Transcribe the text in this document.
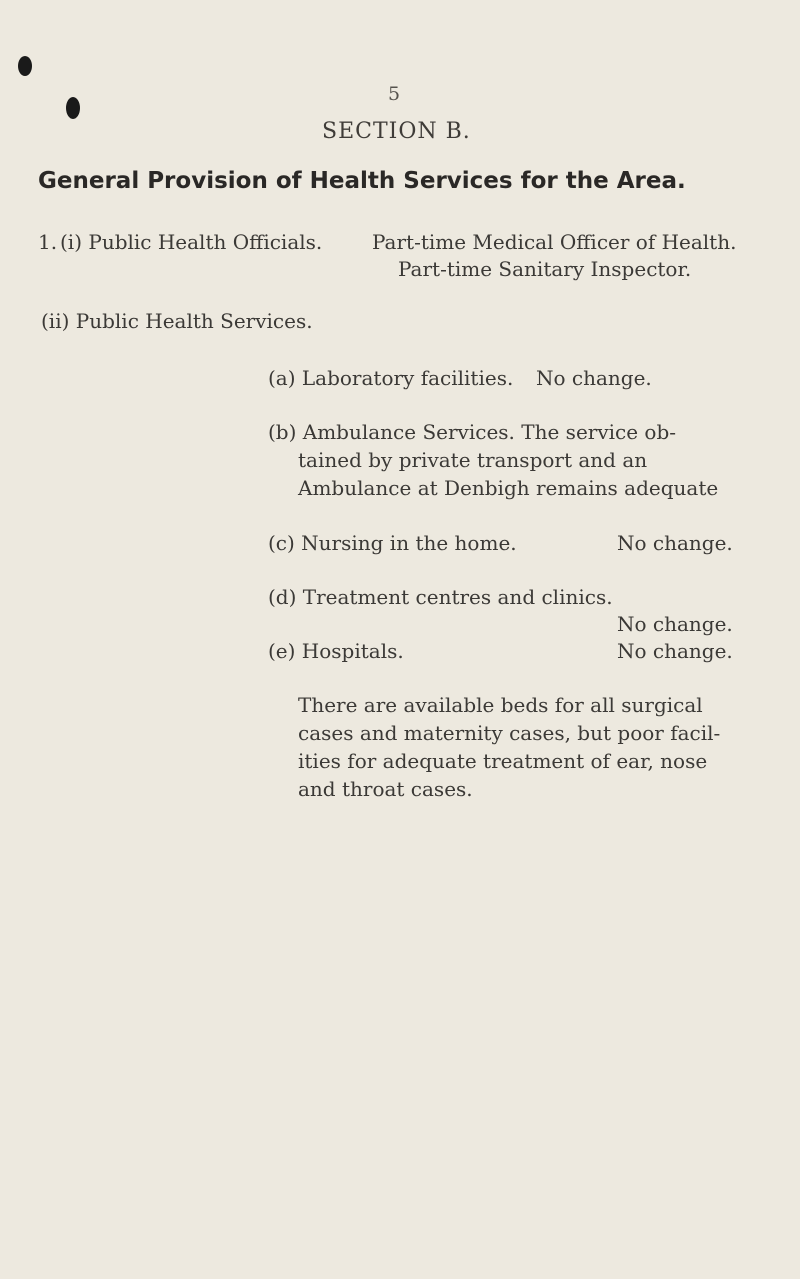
5
SECTION B.
General Provision of Health Services for the Area.
1. (i) Public Health Officials. Part-time Medical Officer of Health.
Part-time Sanitary Inspector.
(ii) Public Health Services.
(a) Laboratory facilities. No change.
(b) Ambulance Services. The service ob-
tained by private transport and an
Ambulance at Denbigh remains adequate
(c) Nursing in the home.	No change.
(d) Treatment centres and clinics.
No change.
(e) Hospitals.	No change.
There are available beds for all surgical
cases and maternity cases, but poor facil-
ities for adequate treatment of ear, nose
and throat cases.
